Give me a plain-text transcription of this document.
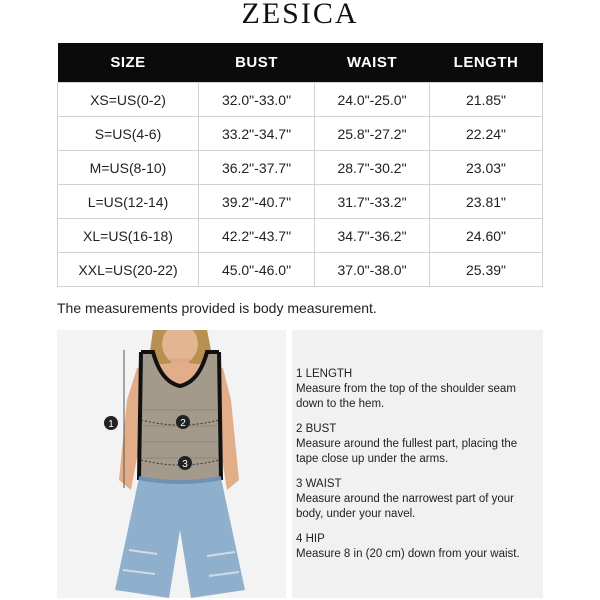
ZESICA
SIZE	BUST	WAIST	LENGTH
XS=US(0-2)	32.0"-33.0"	24.0"-25.0"	21.85"
S=US(4-6)	33.2"-34.7"	25.8"-27.2"	22.24"
M=US(8-10)	36.2"-37.7"	28.7"-30.2"	23.03"
L=US(12-14)	39.2"-40.7"	31.7"-33.2"	23.81"
XL=US(16-18)	42.2"-43.7"	34.7"-36.2"	24.60"
XXL=US(20-22)	45.0"-46.0"	37.0"-38.0"	25.39"
The measurements provided is body measurement.
1	2
3
1 LENGTH
Measure from the top of the shoulder seam down to the hem.
2 BUST
Measure around the fullest part, placing the tape close up under the arms.
3 WAIST
Measure around the narrowest part of your body, under your navel.
4 HIP
Measure 8 in (20 cm) down from your waist.
